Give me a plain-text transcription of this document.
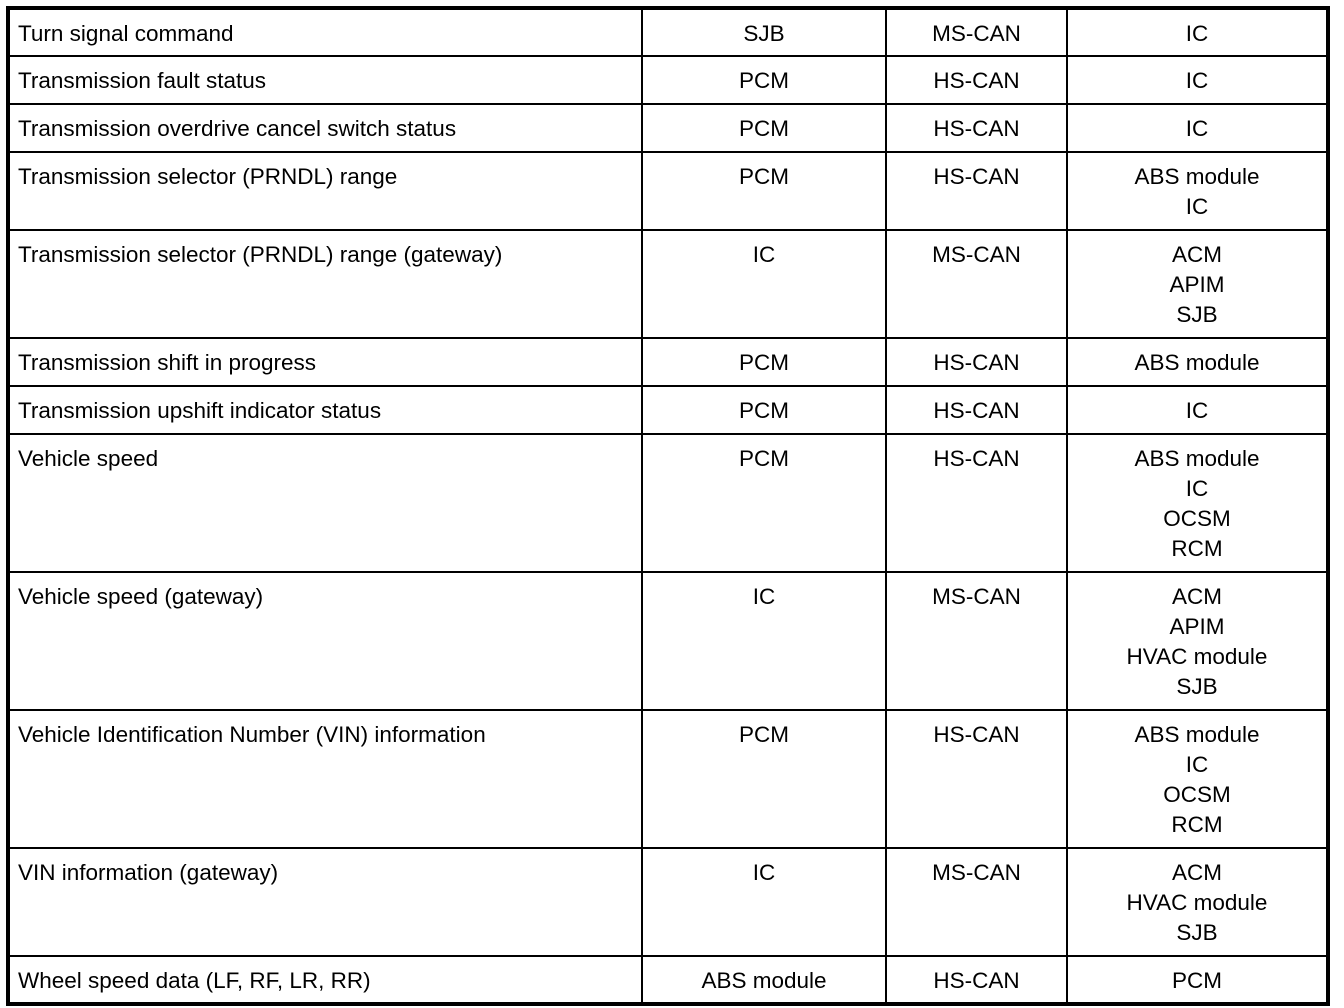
Turn signal command	SJB	MS-CAN	IC

Transmission fault status	PCM	HS-CAN	IC

Transmission overdrive cancel switch status	PCM	HS-CAN	IC

Transmission selector (PRNDL) range	PCM	HS-CAN	ABS module
IC

Transmission selector (PRNDL) range (gateway)	IC	MS-CAN	ACM
APIM
SJB

Transmission shift in progress	PCM	HS-CAN	ABS module

Transmission upshift indicator status	PCM	HS-CAN	IC

Vehicle speed	PCM	HS-CAN	ABS module
IC
OCSM
RCM

Vehicle speed (gateway)	IC	MS-CAN	ACM
APIM
HVAC module
SJB

Vehicle Identification Number (VIN) information	PCM	HS-CAN	ABS module
IC
OCSM
RCM

VIN information (gateway)	IC	MS-CAN	ACM
HVAC module
SJB

Wheel speed data (LF, RF, LR, RR)	ABS module	HS-CAN	PCM
